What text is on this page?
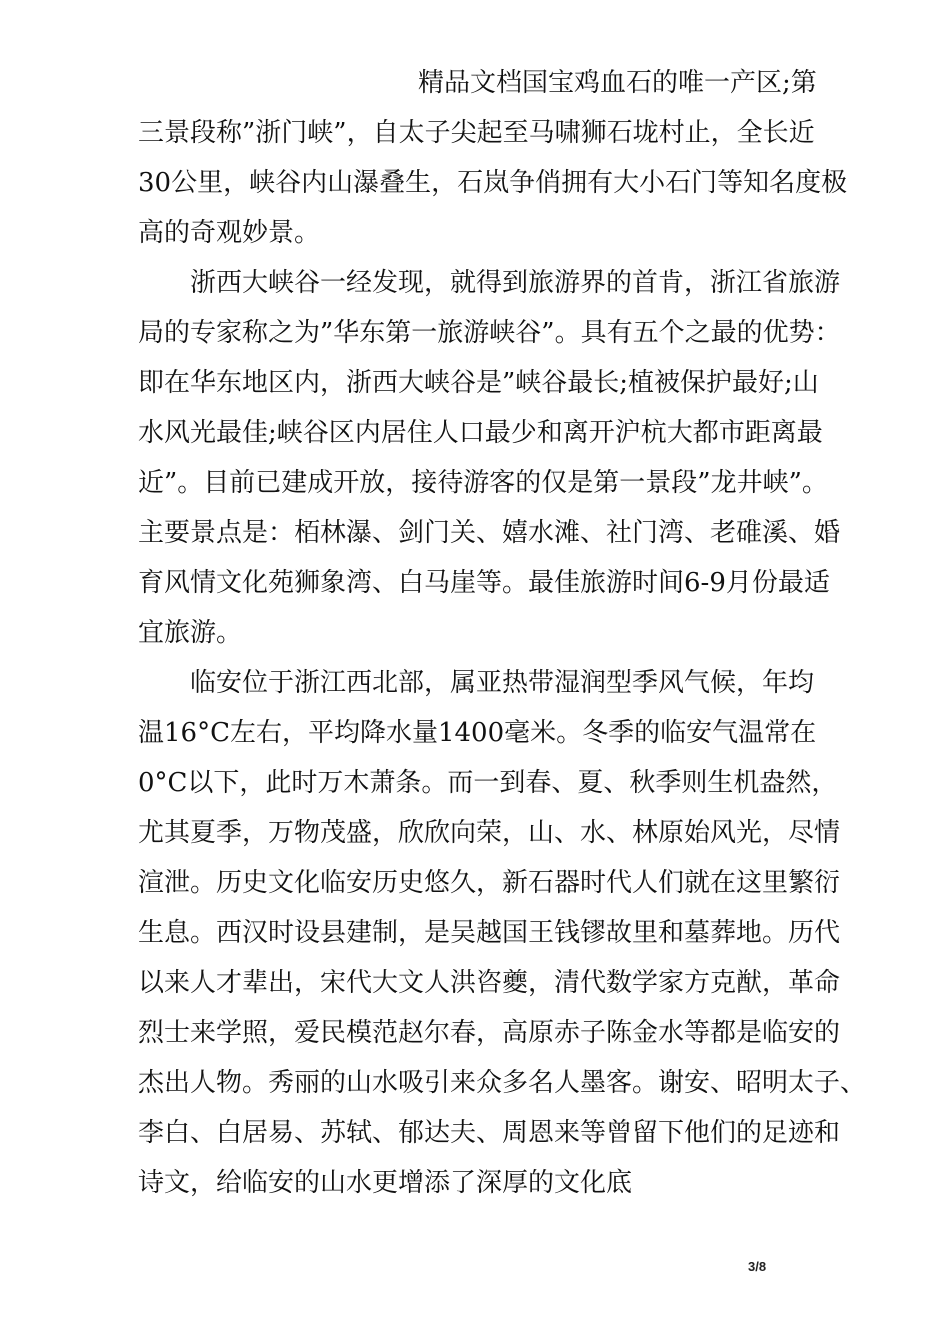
精品文档国宝鸡血石的唯一产区;第
三景段称”浙门峡”，自太子尖起至马啸狮石垅村止，全长近
30公里，峡谷内山瀑叠生，石岚争俏拥有大小石门等知名度极
高的奇观妙景。
浙西大峡谷一经发现，就得到旅游界的首肯，浙江省旅游
局的专家称之为”华东第一旅游峡谷”。具有五个之最的优势：
即在华东地区内，浙西大峡谷是”峡谷最长;植被保护最好;山
水风光最佳;峡谷区内居住人口最少和离开沪杭大都市距离最
近”。目前已建成开放，接待游客的仅是第一景段”龙井峡”。
主要景点是：栢林瀑、剑门关、嬉水滩、社门湾、老碓溪、婚
育风情文化苑狮象湾、白马崖等。最佳旅游时间6-9月份最适
宜旅游。
临安位于浙江西北部，属亚热带湿润型季风气候，年均
温16°C左右，平均降水量1400毫米。冬季的临安气温常在
0°C以下，此时万木萧条。而一到春、夏、秋季则生机盎然，
尤其夏季，万物茂盛，欣欣向荣，山、水、林原始风光，尽情
渲泄。历史文化临安历史悠久，新石器时代人们就在这里繁衍
生息。西汉时设县建制，是吴越国王钱镠故里和墓葬地。历代
以来人才辈出，宋代大文人洪咨夔，清代数学家方克猷，革命
烈士来学照，爱民模范赵尔春，高原赤子陈金水等都是临安的
杰出人物。秀丽的山水吸引来众多名人墨客。谢安、昭明太子、
李白、白居易、苏轼、郁达夫、周恩来等曾留下他们的足迹和
诗文，给临安的山水更增添了深厚的文化底
3/8
